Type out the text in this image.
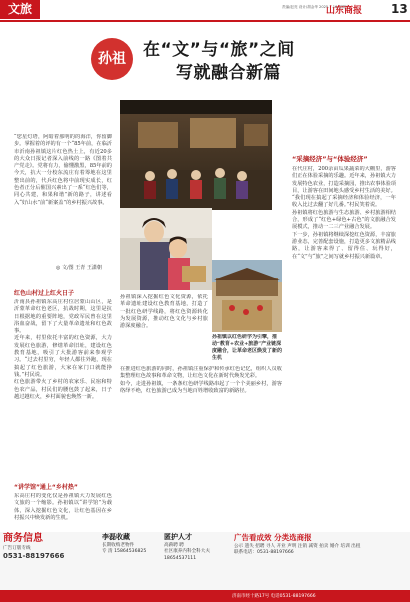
文旅	责编/赵亮 设计/胡金华 2025.7.16 星期三
山东商报 13
孙祖	在“文”与“旅”之间
写就融合新篇
“您星灯塔，阿暗着那明的的海洋，你留脚步。掌握着的评的有一个“85年前，在临沂市沂南孙祖镇这片红色热土上，有近20多的大众日报记者深入前线的一路《图着共产党走》。党将有力，偷懂激黑，85年前的今天，抗大一分校东流庄有着筹地在这里整出前的，代兵红色将中前现实成长，红色者正分后催国兴素出了一系“红色们等，同心共建，和果和谐”新的路子，讲述看入“好山水”前“新案盖”的乡村振兴故事。
◎ 文/图 王青 王潇朝
“采摘经济”与“体验经济”
红色山村过上红火日子
沂南县孙祖镇东高庄村位居蒙山山区，是沂蒙革命红色老区，抗战时期，这里是抗日根据地的重要阵地，党政军民曾在这里浴血奋战，留下了大量革命遗址和红色故事。
近年来，村里依托丰富的红色资源，大力发展红色旅游，修缮革命旧址，建设红色教育基地，吸引了大批游客前来参观学习。“过去村里穷，年轻人都往外跑，现在搞起了红色旅游，大家在家门口就能挣钱。”村民说。
红色旅游带火了乡村的农家乐、民宿和特色农产品，村民们的腰包鼓了起来，日子越过越红火，乡村面貌也焕然一新。
“讲学馆”通上“乡村热”
东高庄村的变化仅是孙祖镇大力发展红色文旅的一个缩影。孙祖镇以“讲学馆”为载体，深入挖掘红色文化，让红色基因在乡村振兴中焕发新的生机。
孙祖镇深入挖掘红色文化资源，依托革命遗址建设红色教育基地，打造了一批红色研学线路，将红色资源转化为发展资源，推动红色文化与乡村旅游深度融合。
孙祖镇以红色研学为引擎，推动“教育+农业+旅游”产业链深度融合，让革命老区焕发了新的生机
在推进红色旅游的同时，孙祖镇注重保护和传承红色记忆，组织人员收集整理红色故事和革命文物，让红色文化在新时代焕发光彩。
如今，走进孙祖镇，一条条红色研学线路串起了一个个美丽乡村，游客络绎不绝，红色旅游已成为当地百姓增收致富的新路径。
在代庄村，200余亩瓜果蔬菜的大棚里，游客们正在体验采摘的乐趣。近年来，孙祖镇大力发展特色农业，打造采摘园，推出农事体验项目，让游客在田间地头感受乡村生活的美好。
“我们现在搞起了采摘经济和体验经济，一年收入比过去翻了好几番。”村民笑着说。
孙祖镇将红色旅游与生态旅游、乡村旅游相结合，形成了“红色+绿色+古色”的文旅融合发展模式，推动一二三产业融合发展。
下一步，孙祖镇将继续深挖红色资源，丰富旅游业态，完善配套设施，打造更多文旅精品线路，让游客来得了、留得住、玩得好，在“文”与“旅”之间写就乡村振兴新篇章。
商务信息
广告订版专线
0531-88197666
李磊收藏
长期收购老物件
专 清 15864536825
匿护人才
高薪聘 聘
社区康养内科全科大夫
18654537111
广告看成效 分类选商报
公示 遗失 招聘 寻人 开业 声明 注销 减资 拍卖 婚介 培训 出租
联系电话：0531-88197666
济南市经十路17号 电话0531-88197666
